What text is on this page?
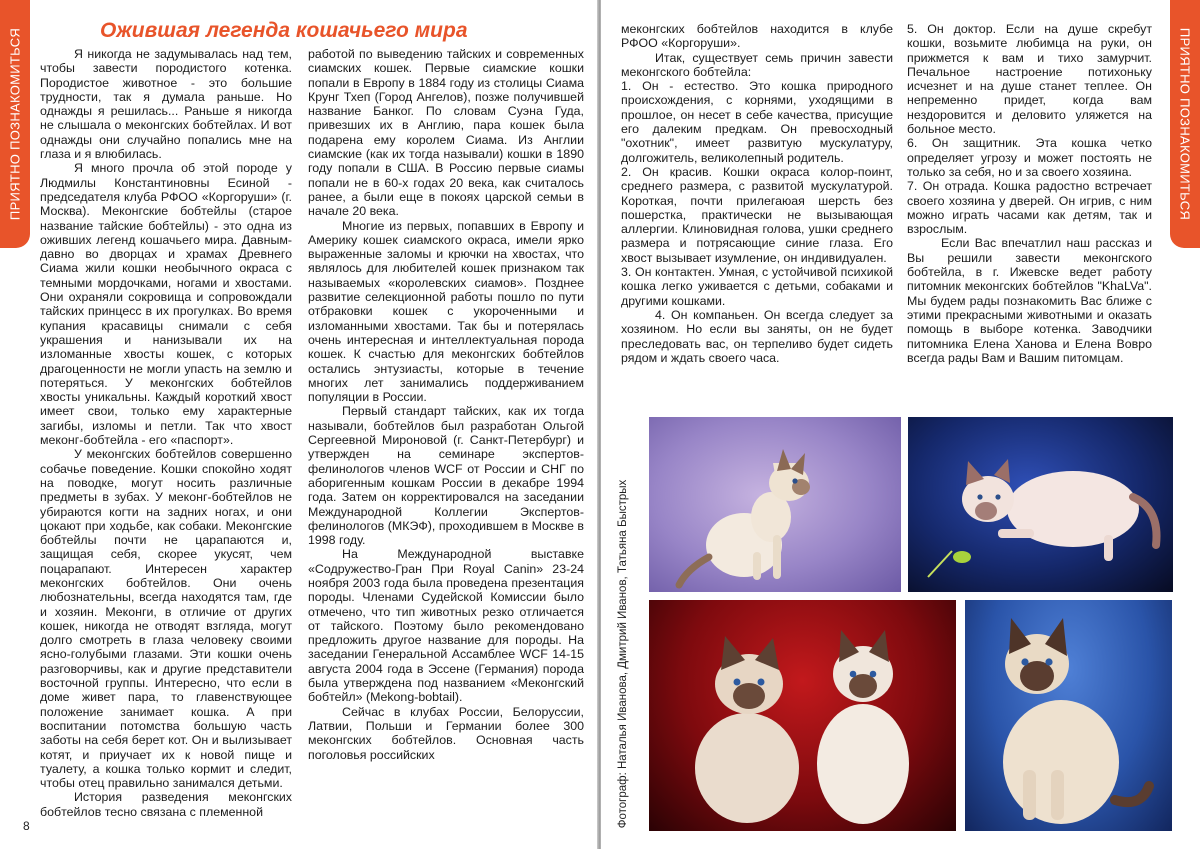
ПРИЯТНО ПОЗНАКОМИТЬСЯ	Ожившая легенда кошачьего мира

Я никогда не задумывалась над тем, чтобы завести породистого котенка. Породистое животное - это большие трудности, так я думала раньше. Но однажды я решилась... Раньше я никогда не слышала о меконгских бобтейлах. И вот однажды они случайно попались мне на глаза и я влюбилась.

Я много прочла об этой породе у Людмилы Константиновны Есиной - председателя клуба РФОО «Коргоруши» (г. Москва). Меконгские бобтейлы (старое название тайские бобтейлы) - это одна из оживших легенд кошачьего мира. Давным-давно во дворцах и храмах Древнего Сиама жили кошки необычного окраса с темными мордочками, ногами и хвостами. Они охраняли сокровища и сопровождали тайских принцесс в их прогулках. Во время купания красавицы снимали с себя украшения и нанизывали их на изломанные хвосты кошек, с которых драгоценности не могли упасть на землю и потеряться. У меконгских бобтейлов хвосты уникальны. Каждый короткий хвост имеет свои, только ему характерные загибы, изломы и петли. Так что хвост меконг-бобтейла - его «паспорт».

У меконгских бобтейлов совершенно собачье поведение. Кошки спокойно ходят на поводке, могут носить различные предметы в зубах. У меконг-бобтейлов не убираются когти на задних ногах, и они цокают при ходьбе, как собаки. Меконгские бобтейлы почти не царапаются и, защищая себя, скорее укусят, чем поцарапают. Интересен характер меконгских бобтейлов. Они очень любознательны, всегда находятся там, где и хозяин. Меконги, в отличие от других кошек, никогда не отводят взгляда, могут долго смотреть в глаза человеку своими ясно-голубыми глазами. Эти кошки очень разговорчивы, как и другие представители восточной группы. Интересно, что если в доме живет пара, то главенствующее положение занимает кошка. А при воспитании потомства большую часть заботы на себя берет кот. Он и вылизывает котят, и приучает их к новой пище и туалету, а кошка только кормит и следит, чтобы отец правильно занимался детьми.

История разведения меконгских бобтейлов тесно связана с племенной

работой по выведению тайских и современных сиамских кошек. Первые сиамские кошки попали в Европу в 1884 году из столицы Сиама Крунг Тхеп (Город Ангелов), позже получившей название Банког. По словам Суэна Гуда, привезших их в Англию, пара кошек была подарена ему королем Сиама. Из Англии сиамские (как их тогда называли) кошки в 1890 году попали в США. В Россию первые сиамы попали не в 60-х годах 20 века, как считалось ранее, а были еще в покоях царской семьи в начале 20 века.

Многие из первых, попавших в Европу и Америку кошек сиамского окраса, имели ярко выраженные заломы и крючки на хвостах, что являлось для любителей кошек признаком так называемых «королевских сиамов». Позднее развитие селекционной работы пошло по пути отбраковки кошек с укороченными и изломанными хвостами. Так бы и потерялась очень интересная и интеллектуальная порода кошек. К счастью для меконгских бобтейлов остались энтузиасты, которые в течение многих лет занимались поддерживанием популяции в России.

Первый стандарт тайских, как их тогда называли, бобтейлов был разработан Ольгой Сергеевной Мироновой (г. Санкт-Петербург) и утвержден на семинаре экспертов-фелинологов членов WCF от России и СНГ по аборигенным кошкам России в декабре 1994 года. Затем он корректировался на заседании Международной Коллегии Экспертов-фелинологов (МКЭФ), проходившем в Москве в 1998 году.

На Международной выставке «Содружество-Гран При Royal Canin» 23-24 ноября 2003 года была проведена презентация породы. Членами Судейской Комиссии было отмечено, что тип животных резко отличается от тайского. Поэтому было рекомендовано предложить другое название для породы. На заседании Генеральной Ассамблее WCF 14-15 августа 2004 года в Эссене (Германия) порода была утверждена под названием «Меконгский бобтейл» (Mekong-bobtail).

Сейчас в клубах России, Белоруссии, Латвии, Польши и Германии более 300 меконгских бобтейлов. Основная часть поголовья российских

8
ПРИЯТНО ПОЗНАКОМИТЬСЯ

меконгских бобтейлов находится в клубе РФОО «Коргоруши».

Итак, существует семь причин завести меконгского бобтейла:

1. Он - естество. Это кошка природного происхождения, с корнями, уходящими в прошлое, он несет в себе качества, присущие его далеким предкам. Он превосходный "охотник", имеет развитую мускулатуру, долгожитель, великолепный родитель.

2. Он красив. Кошки окраса колор-поинт, среднего размера, с развитой мускулатурой. Короткая, почти прилегаюая шерсть без пошерстка, практически не вызывающая аллергии. Клиновидная голова, ушки среднего размера и потрясающие синие глаза. Его хвост вызывает изумление, он индивидуален.

3. Он контактен. Умная, с устойчивой психикой кошка легко уживается с детьми, собаками и другими кошками.

4. Он компаньен. Он всегда следует за хозяином. Но если вы заняты, он не будет преследовать вас, он терпеливо будет сидеть рядом и ждать своего часа.

5. Он доктор. Если на душе скребут кошки, возьмите любимца на руки, он прижмется к вам и тихо замурчит. Печальное настроение потихоньку исчезнет и на душе станет теплее. Он непременно придет, когда вам нездоровится и деловито уляжется на больное место.

6. Он защитник. Эта кошка четко определяет угрозу и может постоять не только за себя, но и за своего хозяина.

7. Он отрада. Кошка радостно встречает своего хозяина у дверей. Он игрив, с ним можно играть часами как детям, так и взрослым.

Если Вас впечатлил наш рассказ и Вы решили завести меконгского бобтейла, в г. Ижевске ведет работу питомник меконгских бобтейлов "KhaLVa". Мы будем рады познакомить Вас ближе с этими прекрасными животными и оказать помощь в выборе котенка. Заводчики питомника Елена Ханова и Елена Вовро всегда рады Вам и Вашим питомцам.

Фотограф: Наталья Иванова, Дмитрий Иванов, Татьяна Быстрых
